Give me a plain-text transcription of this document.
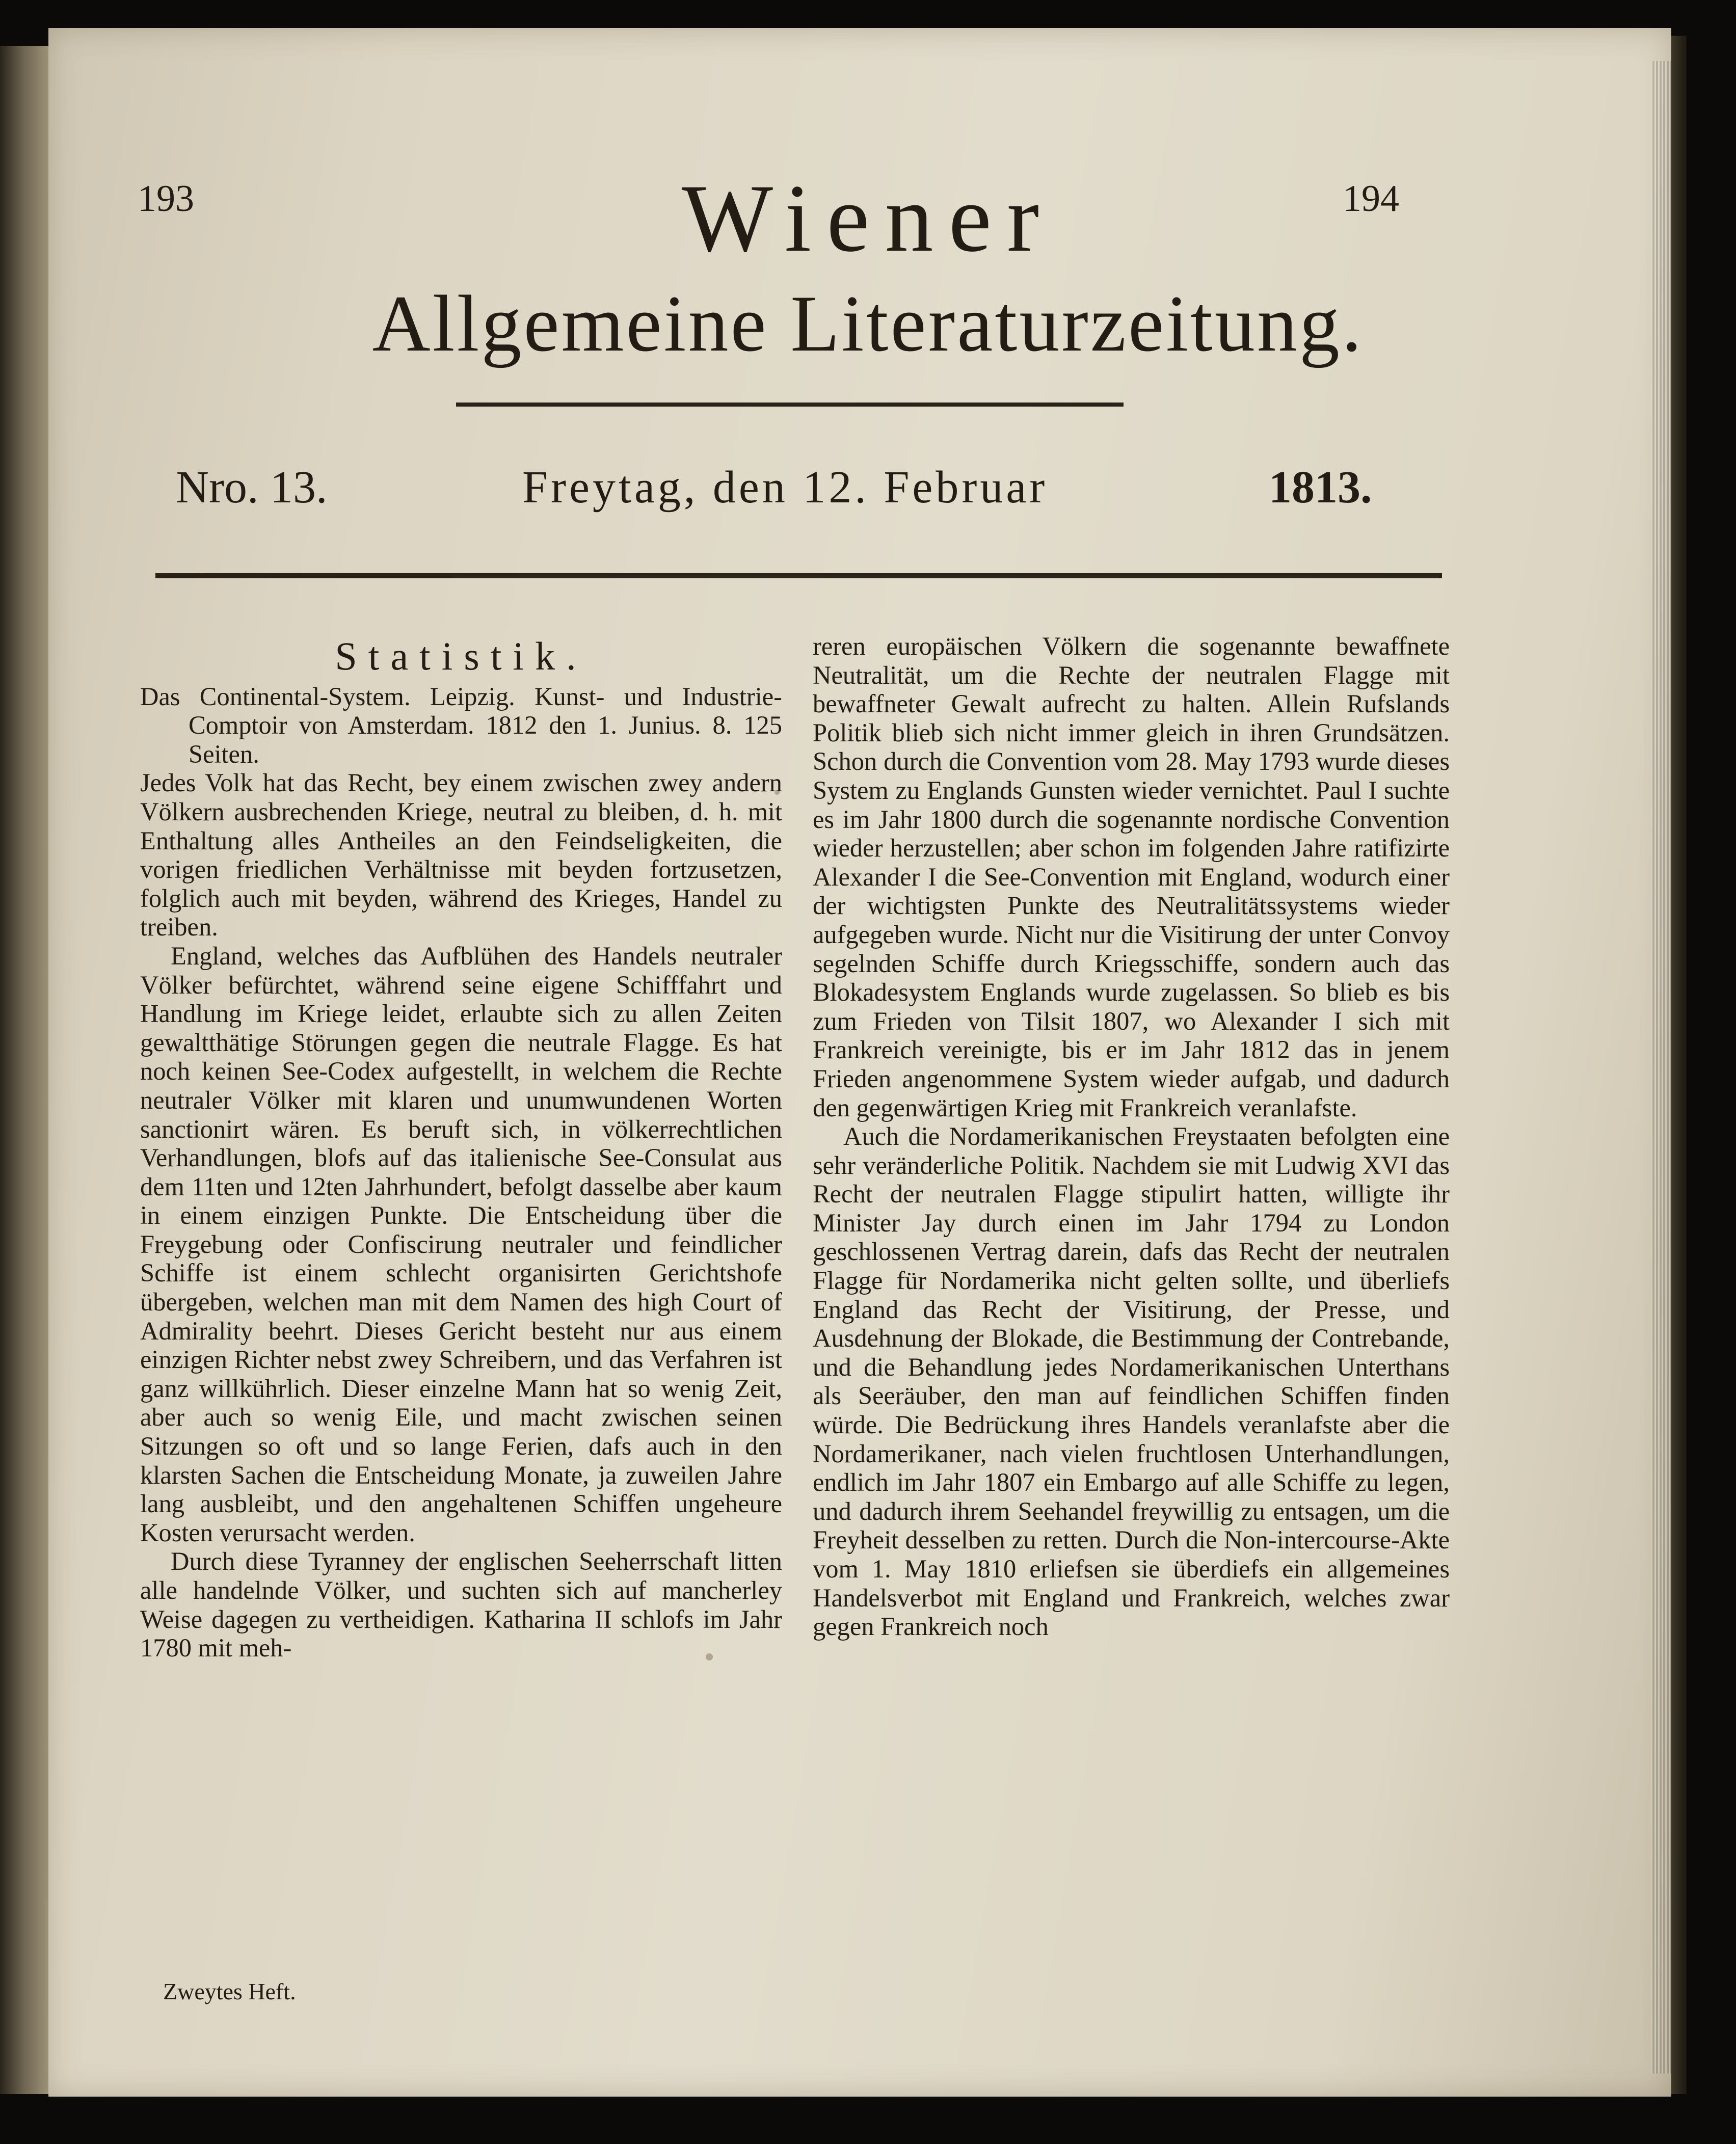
193	194
Wiener
Allgemeine Literaturzeitung.
Nro. 13.	Freytag, den 12. Februar	1813.
Statistik.

Das Continental-System. Leipzig. Kunst- und Industrie-Comptoir von Amsterdam. 1812 den 1. Junius. 8. 125 Seiten.

Jedes Volk hat das Recht, bey einem zwischen zwey andern Völkern ausbrechenden Kriege, neutral zu bleiben, d. h. mit Enthaltung alles Antheiles an den Feindseligkeiten, die vorigen friedlichen Verhältnisse mit beyden fortzusetzen, folglich auch mit beyden, während des Krieges, Handel zu treiben.

England, welches das Aufblühen des Handels neutraler Völker befürchtet, während seine eigene Schifffahrt und Handlung im Kriege leidet, erlaubte sich zu allen Zeiten gewaltthätige Störungen gegen die neutrale Flagge. Es hat noch keinen See-Codex aufgestellt, in welchem die Rechte neutraler Völker mit klaren und unumwundenen Worten sanctionirt wären. Es beruft sich, in völkerrechtlichen Verhandlungen, blofs auf das italienische See-Consulat aus dem 11ten und 12ten Jahrhundert, befolgt dasselbe aber kaum in einem einzigen Punkte. Die Entscheidung über die Freygebung oder Confiscirung neutraler und feindlicher Schiffe ist einem schlecht organisirten Gerichtshofe übergeben, welchen man mit dem Namen des high Court of Admirality beehrt. Dieses Gericht besteht nur aus einem einzigen Richter nebst zwey Schreibern, und das Verfahren ist ganz willkührlich. Dieser einzelne Mann hat so wenig Zeit, aber auch so wenig Eile, und macht zwischen seinen Sitzungen so oft und so lange Ferien, dafs auch in den klarsten Sachen die Entscheidung Monate, ja zuweilen Jahre lang ausbleibt, und den angehaltenen Schiffen ungeheure Kosten verursacht werden.

Durch diese Tyranney der englischen Seeherrschaft litten alle handelnde Völker, und suchten sich auf mancherley Weise dagegen zu vertheidigen. Katharina II schlofs im Jahr 1780 mit meh-

reren europäischen Völkern die sogenannte bewaffnete Neutralität, um die Rechte der neutralen Flagge mit bewaffneter Gewalt aufrecht zu halten. Allein Rufslands Politik blieb sich nicht immer gleich in ihren Grundsätzen. Schon durch die Convention vom 28. May 1793 wurde dieses System zu Englands Gunsten wieder vernichtet. Paul I suchte es im Jahr 1800 durch die sogenannte nordische Convention wieder herzustellen; aber schon im folgenden Jahre ratifizirte Alexander I die See-Convention mit England, wodurch einer der wichtigsten Punkte des Neutralitätssystems wieder aufgegeben wurde. Nicht nur die Visitirung der unter Convoy segelnden Schiffe durch Kriegsschiffe, sondern auch das Blokadesystem Englands wurde zugelassen. So blieb es bis zum Frieden von Tilsit 1807, wo Alexander I sich mit Frankreich vereinigte, bis er im Jahr 1812 das in jenem Frieden angenommene System wieder aufgab, und dadurch den gegenwärtigen Krieg mit Frankreich veranlafste.

Auch die Nordamerikanischen Freystaaten befolgten eine sehr veränderliche Politik. Nachdem sie mit Ludwig XVI das Recht der neutralen Flagge stipulirt hatten, willigte ihr Minister Jay durch einen im Jahr 1794 zu London geschlossenen Vertrag darein, dafs das Recht der neutralen Flagge für Nordamerika nicht gelten sollte, und überliefs England das Recht der Visitirung, der Presse, und Ausdehnung der Blokade, die Bestimmung der Contrebande, und die Behandlung jedes Nordamerikanischen Unterthans als Seeräuber, den man auf feindlichen Schiffen finden würde. Die Bedrückung ihres Handels veranlafste aber die Nordamerikaner, nach vielen fruchtlosen Unterhandlungen, endlich im Jahr 1807 ein Embargo auf alle Schiffe zu legen, und dadurch ihrem Seehandel freywillig zu entsagen, um die Freyheit desselben zu retten. Durch die Non-intercourse-Akte vom 1. May 1810 erliefsen sie überdiefs ein allgemeines Handelsverbot mit England und Frankreich, welches zwar gegen Frankreich noch

Zweytes Heft.
